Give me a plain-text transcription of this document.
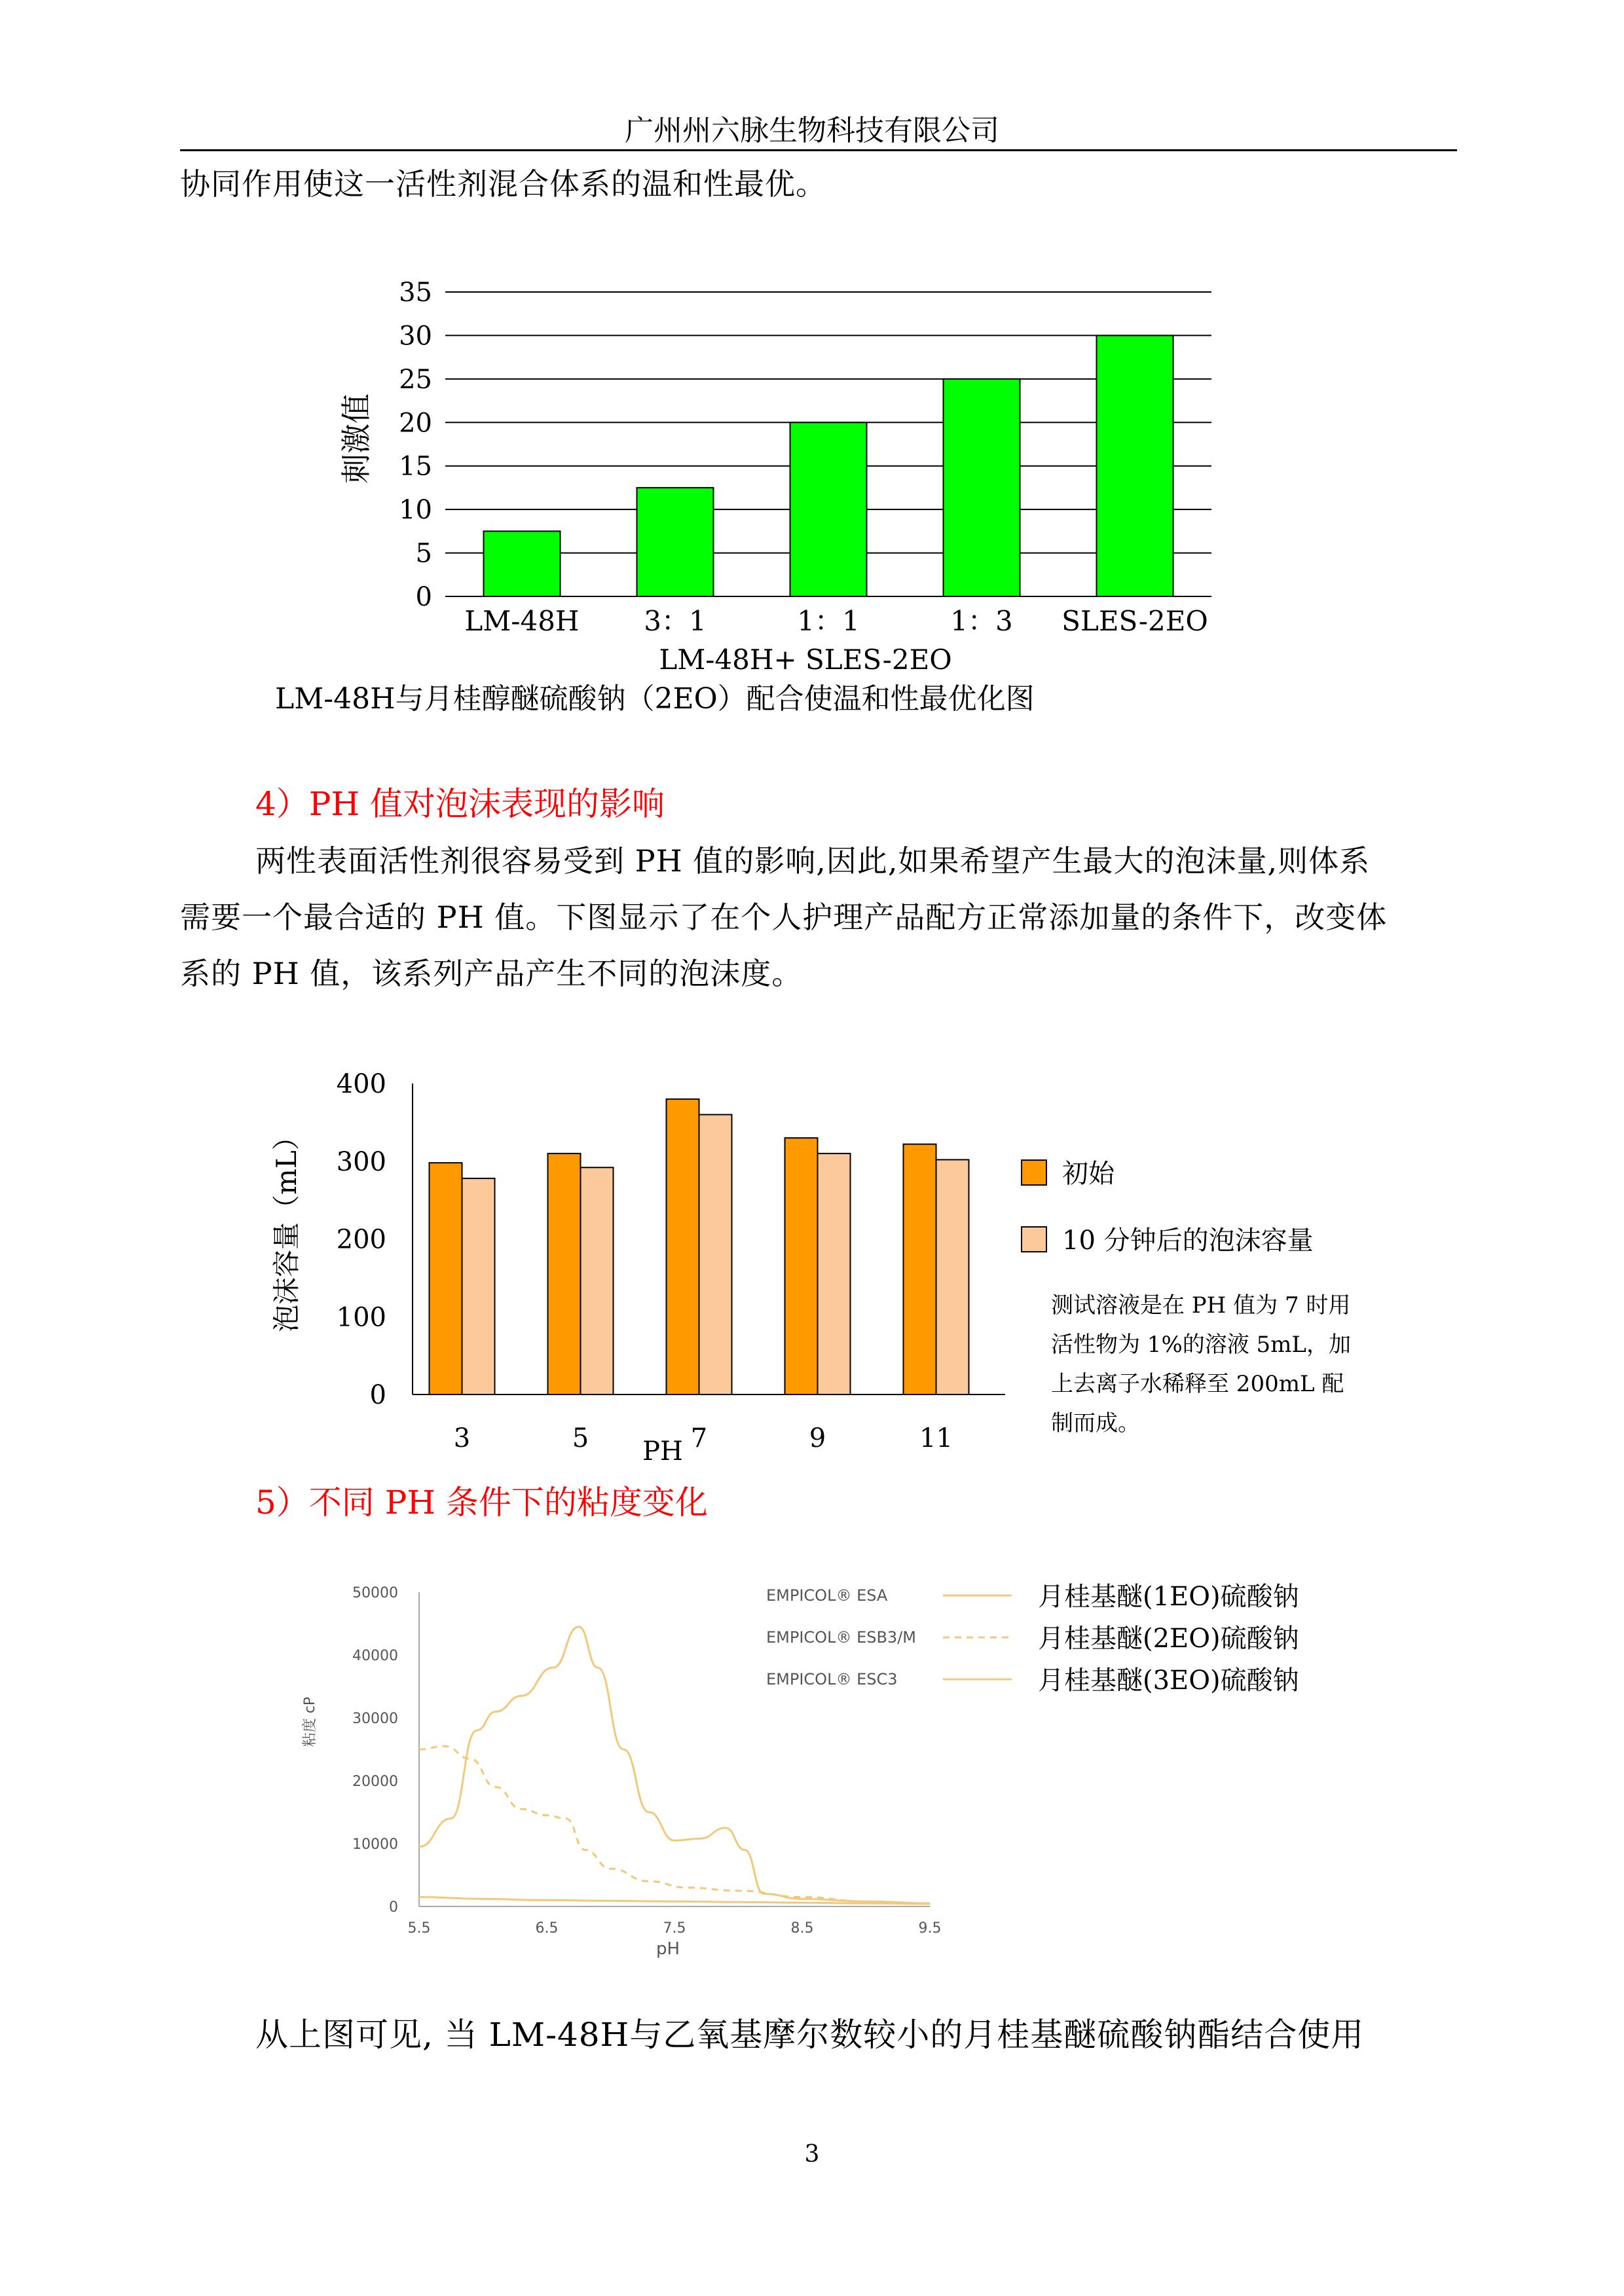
广州州六脉生物科技有限公司
协同作用使这一活性剂混合体系的温和性最优。
0
5
10
15
20
25
30
35
LM-48H 3：1	1：1	1：3 SLES-2EO
刺激值
LM-48H+ SLES-2EO
LM-48H与月桂醇醚硫酸钠（2EO）配合使温和性最优化图
4）PH 值对泡沫表现的影响
两性表面活性剂很容易受到 PH 值的影响,因此,如果希望产生最大的泡沫量,则体系
需要一个最合适的 PH 值。下图显示了在个人护理产品配方正常添加量的条件下，改变体
系的 PH 值，该系列产品产生不同的泡沫度。
泡沫容量（mL）
0
100
200
300
400
3	5	7	9	11
PH
初始
10 分钟后的泡沫容量
测试溶液是在 PH 值为 7 时用
活性物为 1%的溶液 5mL，加
上去离子水稀释至 200mL 配
制而成。
5）不同 PH 条件下的粘度变化
粘度 cP
0
10000
20000
30000
40000
50000
5.5	6.5	7.5	8.5	9.5
pH
EMPICOL® ESA	月桂基醚(1EO)硫酸钠
EMPICOL® ESB3/M	月桂基醚(2EO)硫酸钠
EMPICOL® ESC3	月桂基醚(3EO)硫酸钠
从上图可见, 当 LM-48H与乙氧基摩尔数较小的月桂基醚硫酸钠酯结合使用
3
